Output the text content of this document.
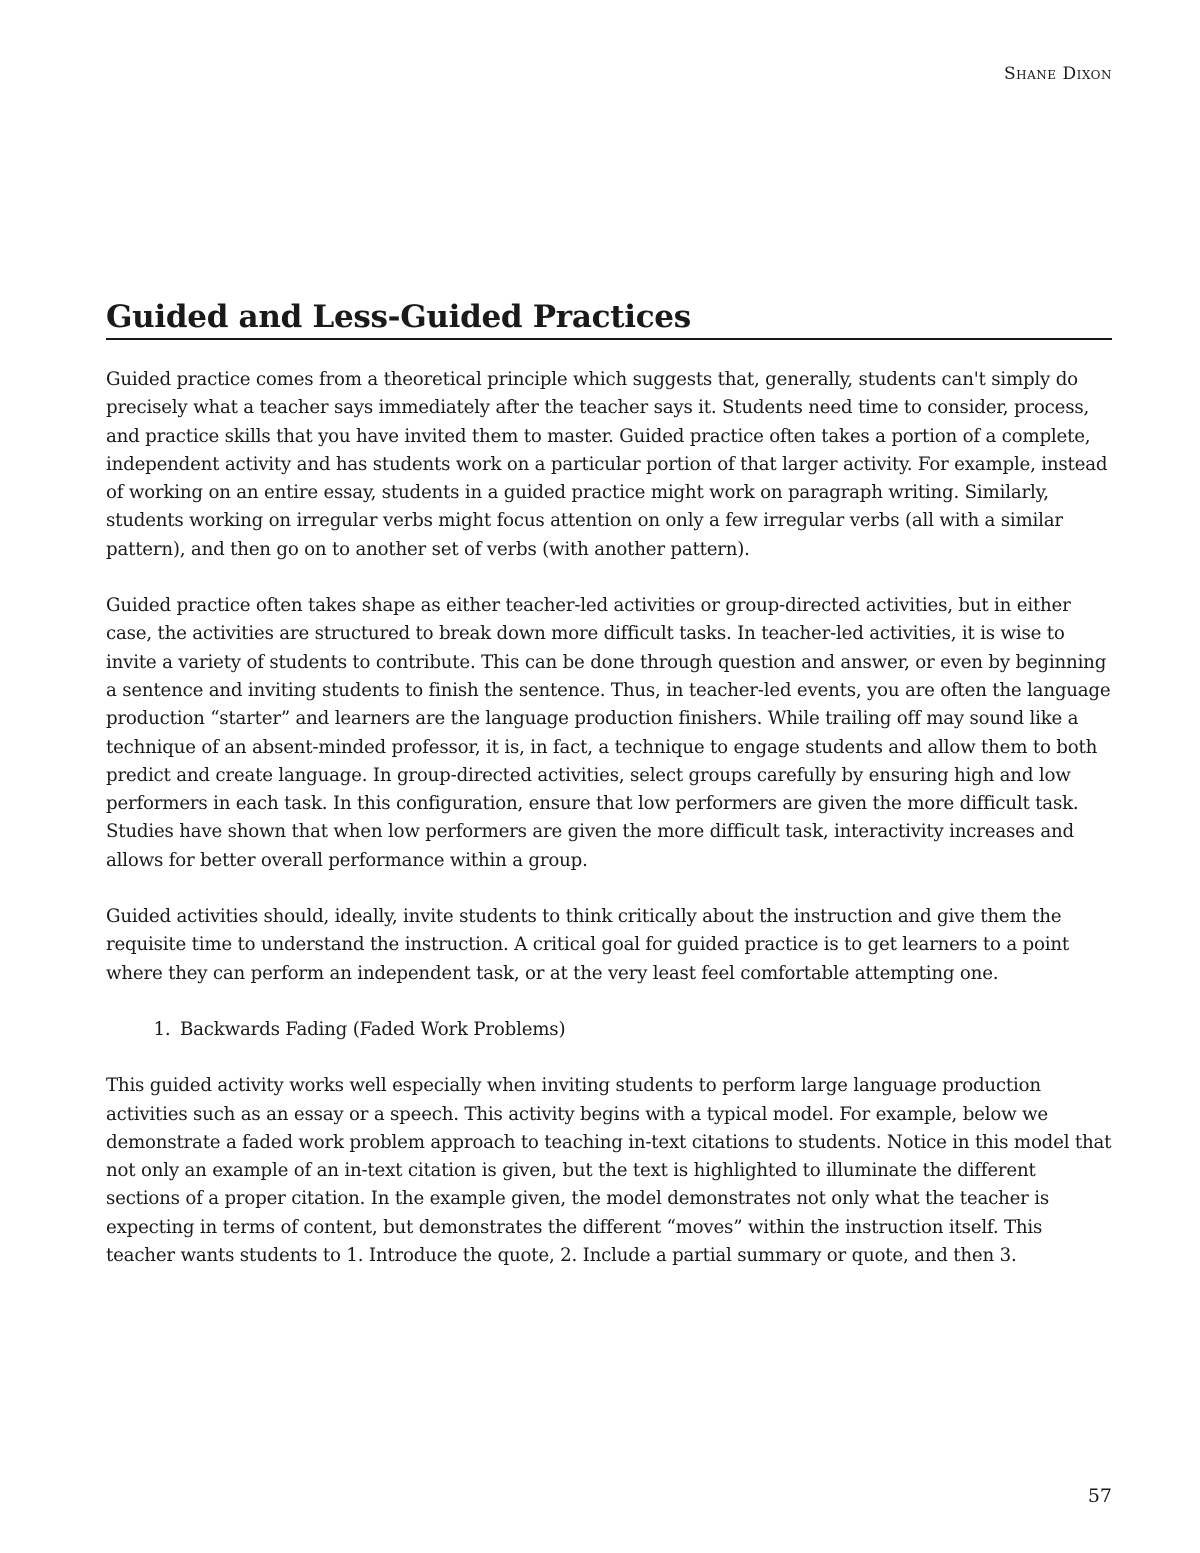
Shane Dixon
Guided and Less-Guided Practices

Guided practice comes from a theoretical principle which suggests that, generally, students can't simply do precisely what a teacher says immediately after the teacher says it. Students need time to consider, process, and practice skills that you have invited them to master. Guided practice often takes a portion of a complete, independent activity and has students work on a particular portion of that larger activity. For example, instead of working on an entire essay, students in a guided practice might work on paragraph writing. Similarly, students working on irregular verbs might focus attention on only a few irregular verbs (all with a similar pattern), and then go on to another set of verbs (with another pattern).

Guided practice often takes shape as either teacher-led activities or group-directed activities, but in either case, the activities are structured to break down more difficult tasks. In teacher-led activities, it is wise to invite a variety of students to contribute. This can be done through question and answer, or even by beginning a sentence and inviting students to finish the sentence. Thus, in teacher-led events, you are often the language production “starter” and learners are the language production finishers. While trailing off may sound like a technique of an absent-minded professor, it is, in fact, a technique to engage students and allow them to both predict and create language. In group-directed activities, select groups carefully by ensuring high and low performers in each task. In this configuration, ensure that low performers are given the more difficult task. Studies have shown that when low performers are given the more difficult task, interactivity increases and allows for better overall performance within a group.

Guided activities should, ideally, invite students to think critically about the instruction and give them the requisite time to understand the instruction. A critical goal for guided practice is to get learners to a point where they can perform an independent task, or at the very least feel comfortable attempting one.

1. Backwards Fading (Faded Work Problems)

This guided activity works well especially when inviting students to perform large language production activities such as an essay or a speech. This activity begins with a typical model. For example, below we demonstrate a faded work problem approach to teaching in-text citations to students. Notice in this model that not only an example of an in-text citation is given, but the text is highlighted to illuminate the different sections of a proper citation. In the example given, the model demonstrates not only what the teacher is expecting in terms of content, but demonstrates the different “moves” within the instruction itself. This teacher wants students to 1. Introduce the quote, 2. Include a partial summary or quote, and then 3.

57
